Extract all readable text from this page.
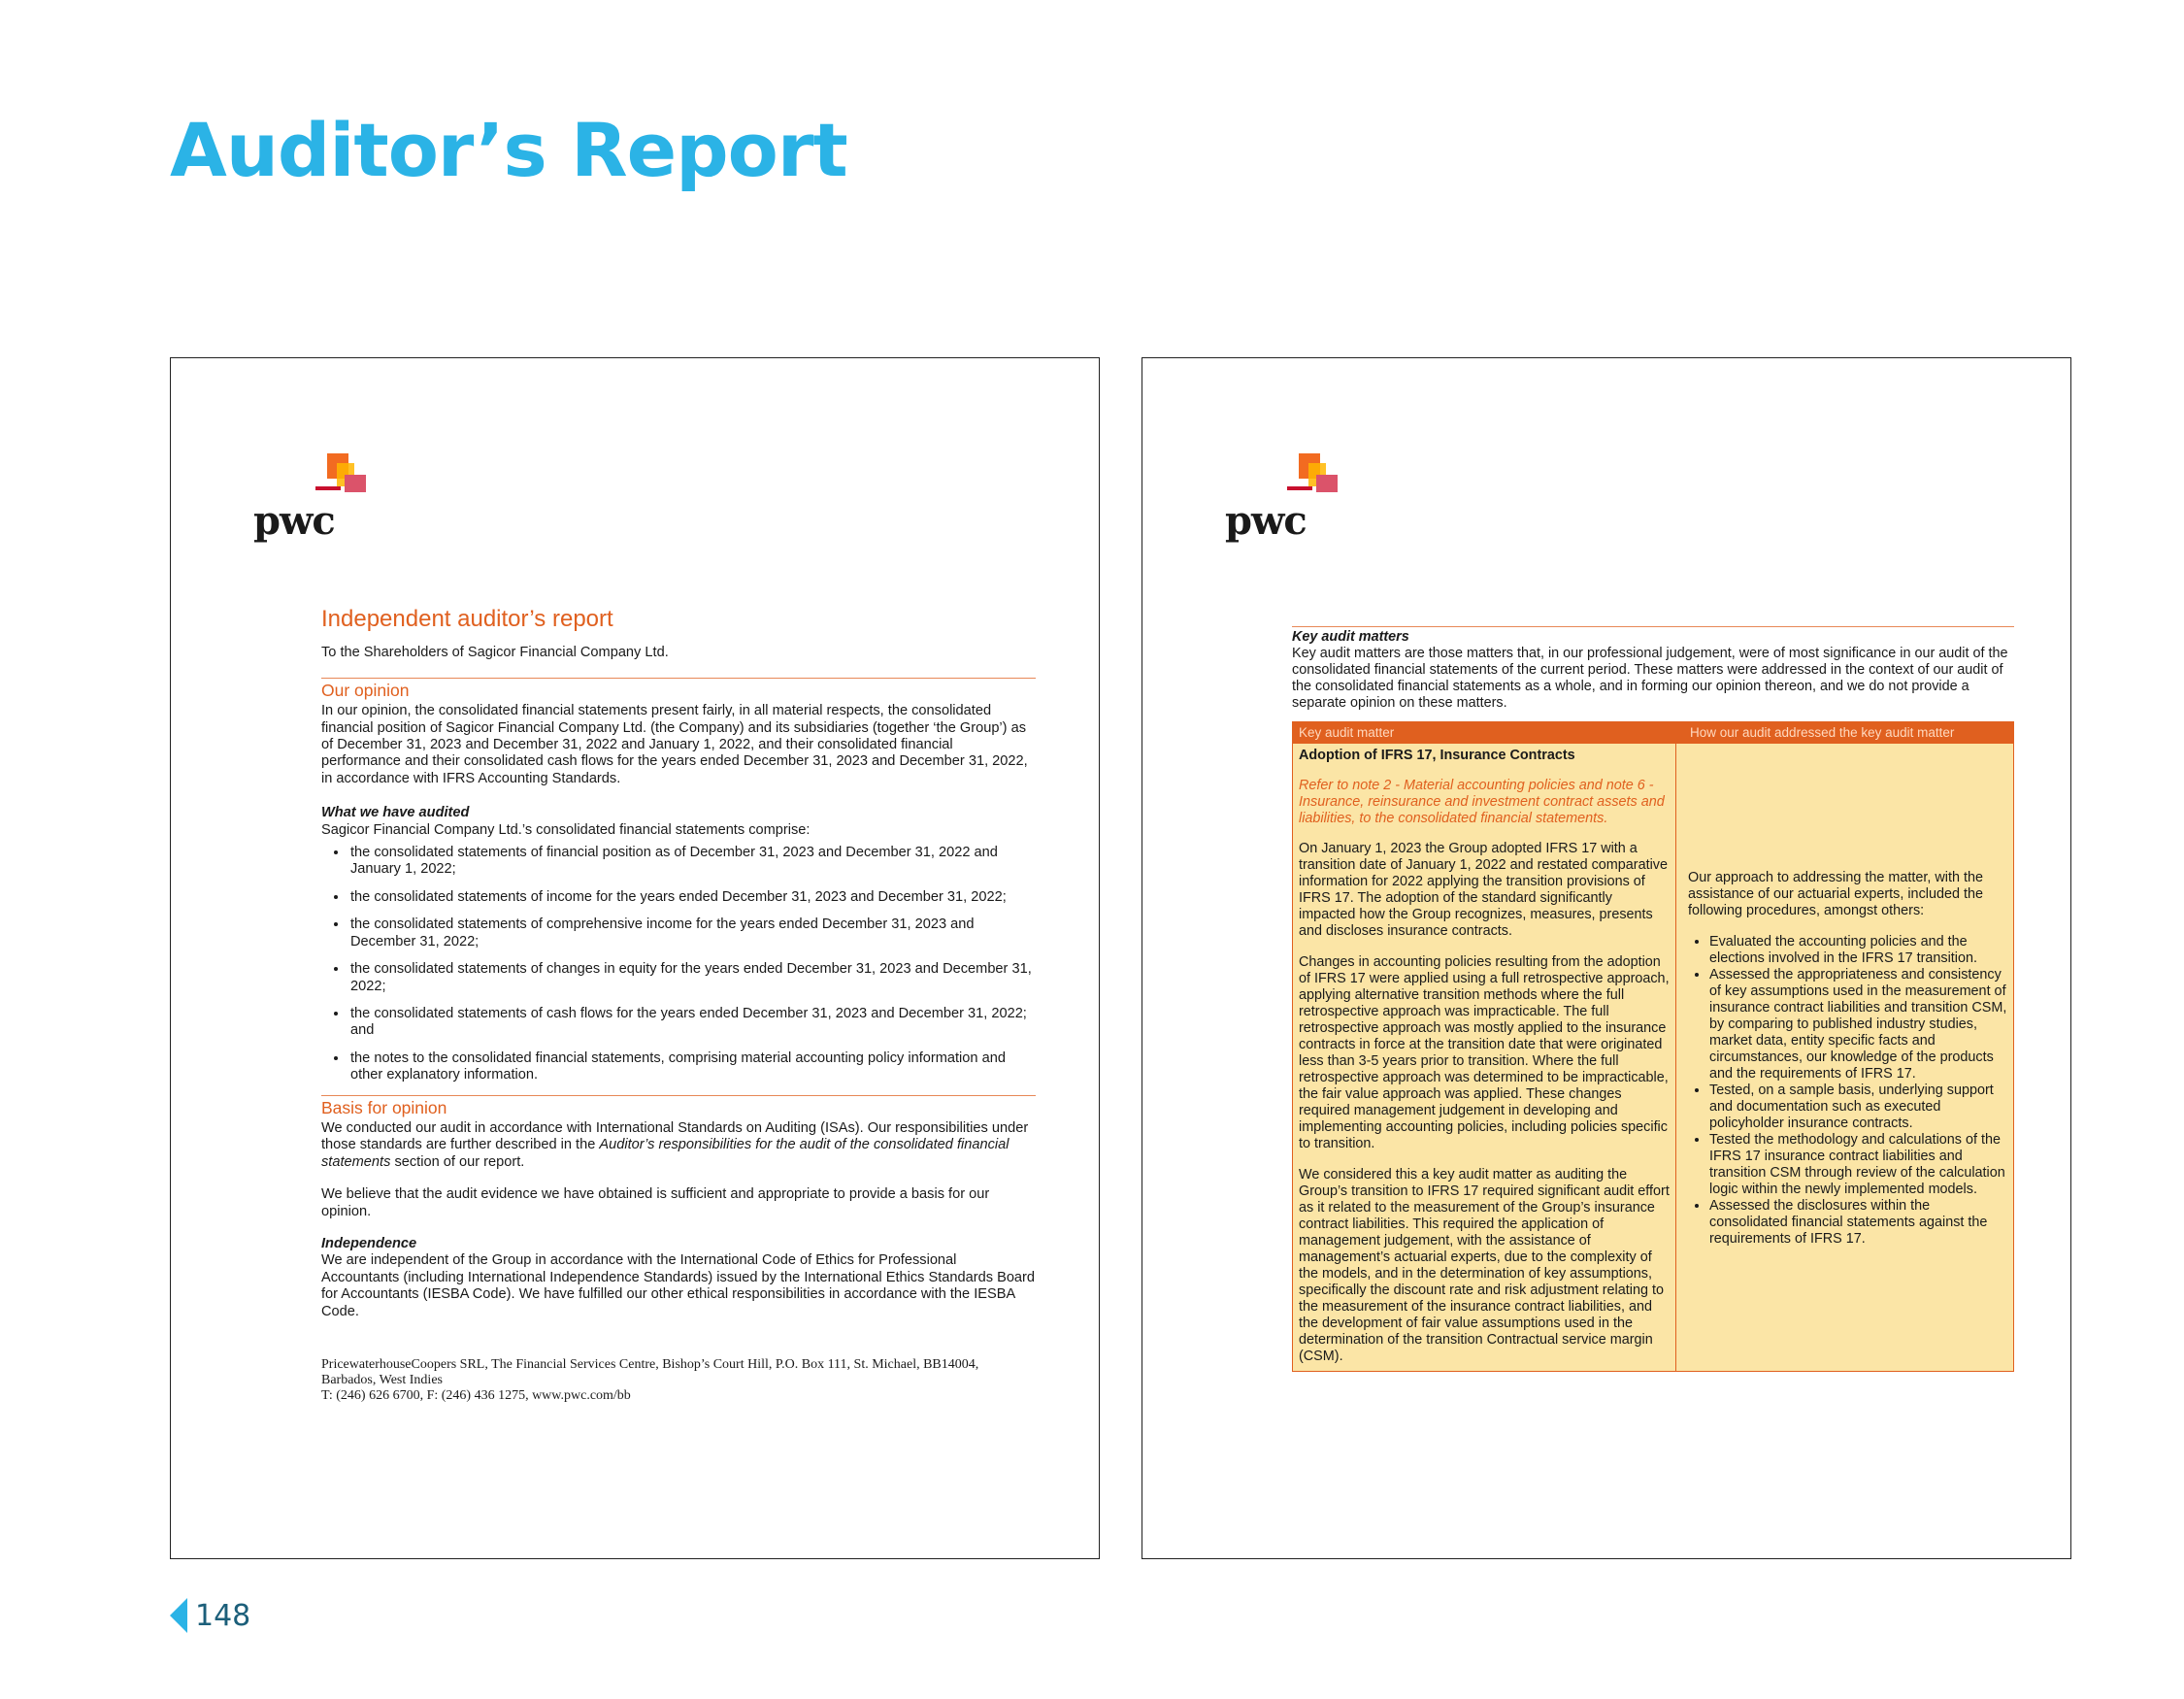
Auditor’s Report
pwc
Independent auditor’s report
To the Shareholders of Sagicor Financial Company Ltd.
Our opinion
In our opinion, the consolidated financial statements present fairly, in all material respects, the consolidated financial position of Sagicor Financial Company Ltd. (the Company) and its subsidiaries (together ‘the Group’) as of December 31, 2023 and December 31, 2022 and January 1, 2022, and their consolidated financial performance and their consolidated cash flows for the years ended December 31, 2023 and December 31, 2022, in accordance with IFRS Accounting Standards.
What we have audited
Sagicor Financial Company Ltd.’s consolidated financial statements comprise:
• the consolidated statements of financial position as of December 31, 2023 and December 31, 2022 and January 1, 2022;
• the consolidated statements of income for the years ended December 31, 2023 and December 31, 2022;
• the consolidated statements of comprehensive income for the years ended December 31, 2023 and December 31, 2022;
• the consolidated statements of changes in equity for the years ended December 31, 2023 and December 31, 2022;
• the consolidated statements of cash flows for the years ended December 31, 2023 and December 31, 2022; and
• the notes to the consolidated financial statements, comprising material accounting policy information and other explanatory information.
Basis for opinion
We conducted our audit in accordance with International Standards on Auditing (ISAs). Our responsibilities under those standards are further described in the Auditor’s responsibilities for the audit of the consolidated financial statements section of our report.
We believe that the audit evidence we have obtained is sufficient and appropriate to provide a basis for our opinion.
Independence
We are independent of the Group in accordance with the International Code of Ethics for Professional Accountants (including International Independence Standards) issued by the International Ethics Standards Board for Accountants (IESBA Code). We have fulfilled our other ethical responsibilities in accordance with the IESBA Code.
PricewaterhouseCoopers SRL, The Financial Services Centre, Bishop’s Court Hill, P.O. Box 111, St. Michael, BB14004,
Barbados, West Indies
T: (246) 626 6700, F: (246) 436 1275, www.pwc.com/bb
pwc
Key audit matters
Key audit matters are those matters that, in our professional judgement, were of most significance in our audit of the consolidated financial statements of the current period. These matters were addressed in the context of our audit of the consolidated financial statements as a whole, and in forming our opinion thereon, and we do not provide a separate opinion on these matters.
Key audit matter	How our audit addressed the key audit matter
Adoption of IFRS 17, Insurance Contracts
Refer to note 2 - Material accounting policies and note 6 - Insurance, reinsurance and investment contract assets and liabilities, to the consolidated financial statements.
On January 1, 2023 the Group adopted IFRS 17 with a transition date of January 1, 2022 and restated comparative information for 2022 applying the transition provisions of IFRS 17. The adoption of the standard significantly impacted how the Group recognizes, measures, presents and discloses insurance contracts.
Changes in accounting policies resulting from the adoption of IFRS 17 were applied using a full retrospective approach, applying alternative transition methods where the full retrospective approach was impracticable. The full retrospective approach was mostly applied to the insurance contracts in force at the transition date that were originated less than 3-5 years prior to transition. Where the full retrospective approach was determined to be impracticable, the fair value approach was applied. These changes required management judgement in developing and implementing accounting policies, including policies specific to transition.
We considered this a key audit matter as auditing the Group’s transition to IFRS 17 required significant audit effort as it related to the measurement of the Group’s insurance contract liabilities. This required the application of management judgement, with the assistance of management’s actuarial experts, due to the complexity of the models, and in the determination of key assumptions, specifically the discount rate and risk adjustment relating to the measurement of the insurance contract liabilities, and the development of fair value assumptions used in the determination of the transition Contractual service margin (CSM).
Our approach to addressing the matter, with the assistance of our actuarial experts, included the following procedures, amongst others:
• Evaluated the accounting policies and the elections involved in the IFRS 17 transition.
• Assessed the appropriateness and consistency of key assumptions used in the measurement of insurance contract liabilities and transition CSM, by comparing to published industry studies, market data, entity specific facts and circumstances, our knowledge of the products and the requirements of IFRS 17.
• Tested, on a sample basis, underlying support and documentation such as executed policyholder insurance contracts.
• Tested the methodology and calculations of the IFRS 17 insurance contract liabilities and transition CSM through review of the calculation logic within the newly implemented models.
• Assessed the disclosures within the consolidated financial statements against the requirements of IFRS 17.
148
